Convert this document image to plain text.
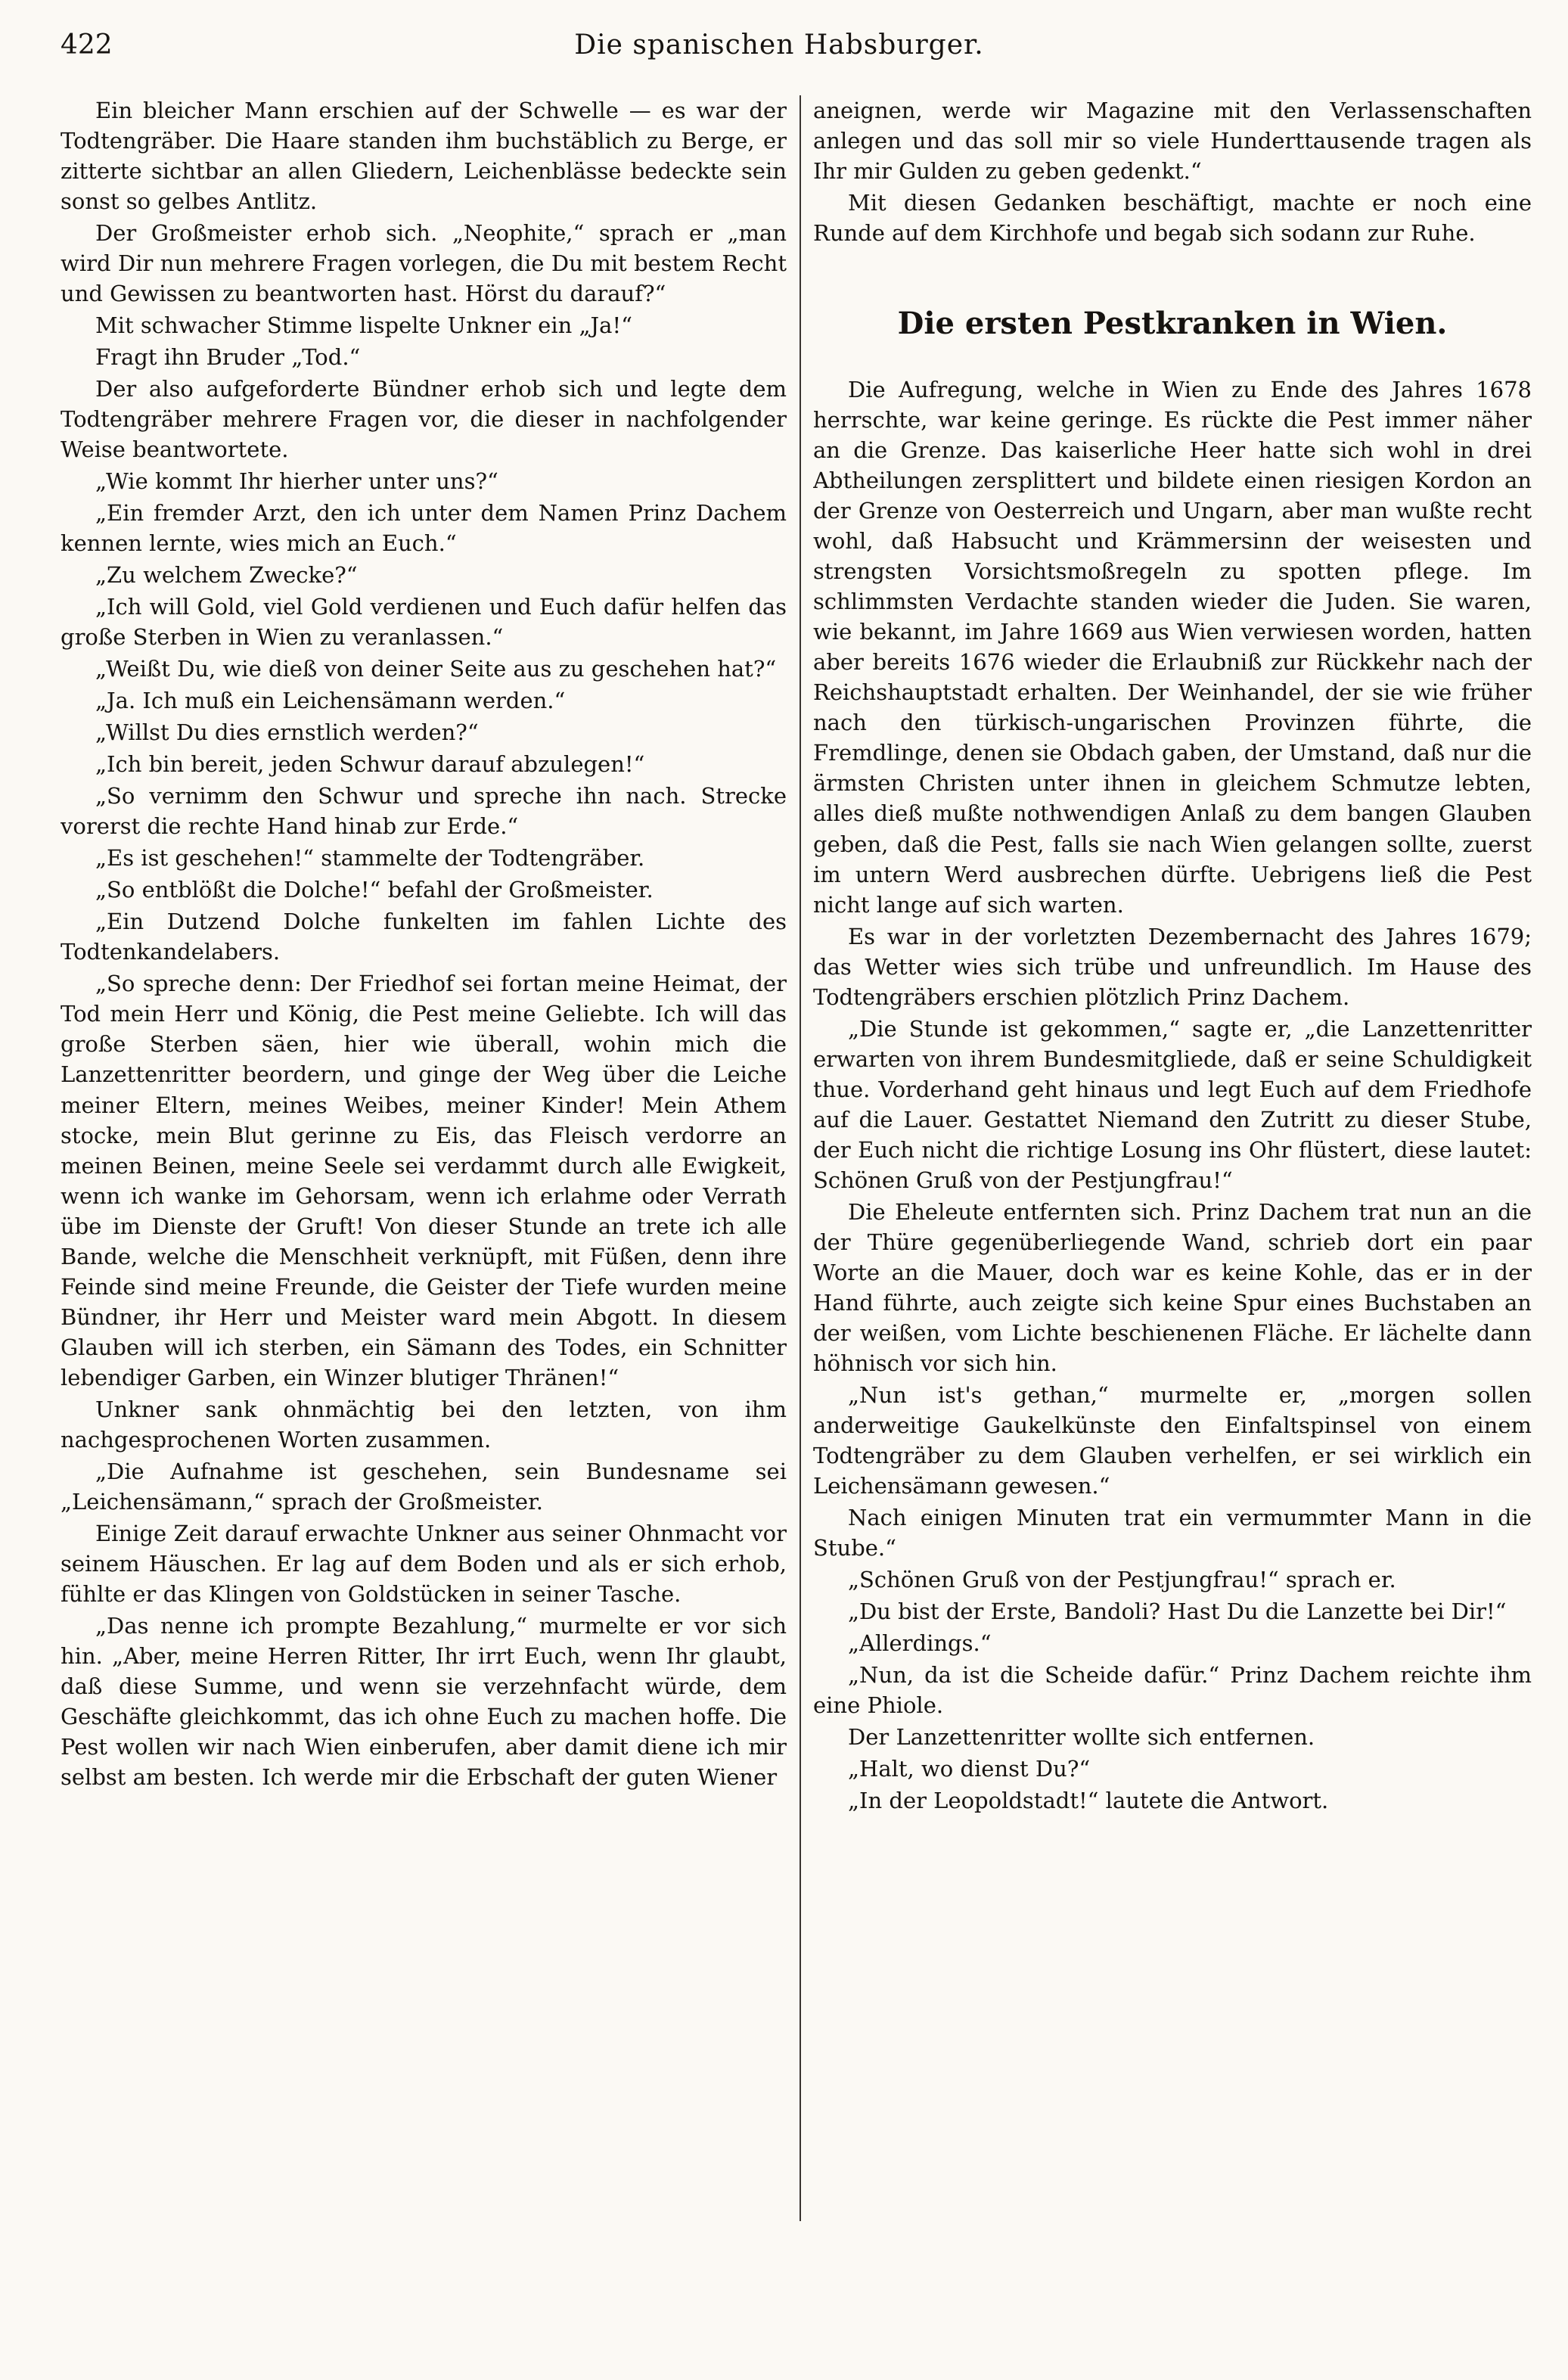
422	Die spanischen Habsburger.

Ein bleicher Mann erschien auf der Schwelle — es war der Todtengräber. Die Haare standen ihm buchstäblich zu Berge, er zitterte sichtbar an allen Gliedern, Leichenblässe bedeckte sein sonst so gelbes Antlitz.

Der Großmeister erhob sich. „Neophite,“ sprach er „man wird Dir nun mehrere Fragen vorlegen, die Du mit bestem Recht und Gewissen zu beantworten hast. Hörst du darauf?“

Mit schwacher Stimme lispelte Unkner ein „Ja!“

Fragt ihn Bruder „Tod.“

Der also aufgeforderte Bündner erhob sich und legte dem Todtengräber mehrere Fragen vor, die dieser in nachfolgender Weise beantwortete.

„Wie kommt Ihr hierher unter uns?“

„Ein fremder Arzt, den ich unter dem Namen Prinz Dachem kennen lernte, wies mich an Euch.“

„Zu welchem Zwecke?“

„Ich will Gold, viel Gold verdienen und Euch dafür helfen das große Sterben in Wien zu veranlassen.“

„Weißt Du, wie dieß von deiner Seite aus zu geschehen hat?“

„Ja. Ich muß ein Leichensämann werden.“

„Willst Du dies ernstlich werden?“

„Ich bin bereit, jeden Schwur darauf abzulegen!“

„So vernimm den Schwur und spreche ihn nach. Strecke vorerst die rechte Hand hinab zur Erde.“

„Es ist geschehen!“ stammelte der Todtengräber.

„So entblößt die Dolche!“ befahl der Großmeister.

„Ein Dutzend Dolche funkelten im fahlen Lichte des Todtenkandelabers.

„So spreche denn: Der Friedhof sei fortan meine Heimat, der Tod mein Herr und König, die Pest meine Geliebte. Ich will das große Sterben säen, hier wie überall, wohin mich die Lanzettenritter beordern, und ginge der Weg über die Leiche meiner Eltern, meines Weibes, meiner Kinder! Mein Athem stocke, mein Blut gerinne zu Eis, das Fleisch verdorre an meinen Beinen, meine Seele sei verdammt durch alle Ewigkeit, wenn ich wanke im Gehorsam, wenn ich erlahme oder Verrath übe im Dienste der Gruft! Von dieser Stunde an trete ich alle Bande, welche die Menschheit verknüpft, mit Füßen, denn ihre Feinde sind meine Freunde, die Geister der Tiefe wurden meine Bündner, ihr Herr und Meister ward mein Abgott. In diesem Glauben will ich sterben, ein Sämann des Todes, ein Schnitter lebendiger Garben, ein Winzer blutiger Thränen!“

Unkner sank ohnmächtig bei den letzten, von ihm nachgesprochenen Worten zusammen.

„Die Aufnahme ist geschehen, sein Bundesname sei „Leichensämann,“ sprach der Großmeister.

Einige Zeit darauf erwachte Unkner aus seiner Ohnmacht vor seinem Häuschen. Er lag auf dem Boden und als er sich erhob, fühlte er das Klingen von Goldstücken in seiner Tasche.

„Das nenne ich prompte Bezahlung,“ murmelte er vor sich hin. „Aber, meine Herren Ritter, Ihr irrt Euch, wenn Ihr glaubt, daß diese Summe, und wenn sie verzehnfacht würde, dem Geschäfte gleichkommt, das ich ohne Euch zu machen hoffe. Die Pest wollen wir nach Wien einberufen, aber damit diene ich mir selbst am besten. Ich werde mir die Erbschaft der guten Wiener

aneignen, werde wir Magazine mit den Verlassenschaften anlegen und das soll mir so viele Hunderttausende tragen als Ihr mir Gulden zu geben gedenkt.“

Mit diesen Gedanken beschäftigt, machte er noch eine Runde auf dem Kirchhofe und begab sich sodann zur Ruhe.

Die ersten Pestkranken in Wien.

Die Aufregung, welche in Wien zu Ende des Jahres 1678 herrschte, war keine geringe. Es rückte die Pest immer näher an die Grenze. Das kaiserliche Heer hatte sich wohl in drei Abtheilungen zersplittert und bildete einen riesigen Kordon an der Grenze von Oesterreich und Ungarn, aber man wußte recht wohl, daß Habsucht und Krämmersinn der weisesten und strengsten Vorsichtsmoßregeln zu spotten pflege. Im schlimmsten Verdachte standen wieder die Juden. Sie waren, wie bekannt, im Jahre 1669 aus Wien verwiesen worden, hatten aber bereits 1676 wieder die Erlaubniß zur Rückkehr nach der Reichshauptstadt erhalten. Der Weinhandel, der sie wie früher nach den türkisch-ungarischen Provinzen führte, die Fremdlinge, denen sie Obdach gaben, der Umstand, daß nur die ärmsten Christen unter ihnen in gleichem Schmutze lebten, alles dieß mußte nothwendigen Anlaß zu dem bangen Glauben geben, daß die Pest, falls sie nach Wien gelangen sollte, zuerst im untern Werd ausbrechen dürfte. Uebrigens ließ die Pest nicht lange auf sich warten.

Es war in der vorletzten Dezembernacht des Jahres 1679; das Wetter wies sich trübe und unfreundlich. Im Hause des Todtengräbers erschien plötzlich Prinz Dachem.

„Die Stunde ist gekommen,“ sagte er, „die Lanzettenritter erwarten von ihrem Bundesmitgliede, daß er seine Schuldigkeit thue. Vorderhand geht hinaus und legt Euch auf dem Friedhofe auf die Lauer. Gestattet Niemand den Zutritt zu dieser Stube, der Euch nicht die richtige Losung ins Ohr flüstert, diese lautet: Schönen Gruß von der Pestjungfrau!“

Die Eheleute entfernten sich. Prinz Dachem trat nun an die der Thüre gegenüberliegende Wand, schrieb dort ein paar Worte an die Mauer, doch war es keine Kohle, das er in der Hand führte, auch zeigte sich keine Spur eines Buchstaben an der weißen, vom Lichte beschienenen Fläche. Er lächelte dann höhnisch vor sich hin.

„Nun ist's gethan,“ murmelte er, „morgen sollen anderweitige Gaukelkünste den Einfaltspinsel von einem Todtengräber zu dem Glauben verhelfen, er sei wirklich ein Leichensämann gewesen.“

Nach einigen Minuten trat ein vermummter Mann in die Stube.“

„Schönen Gruß von der Pestjungfrau!“ sprach er.

„Du bist der Erste, Bandoli? Hast Du die Lanzette bei Dir!“

„Allerdings.“

„Nun, da ist die Scheide dafür.“ Prinz Dachem reichte ihm eine Phiole.

Der Lanzettenritter wollte sich entfernen.

„Halt, wo dienst Du?“

„In der Leopoldstadt!“ lautete die Antwort.
